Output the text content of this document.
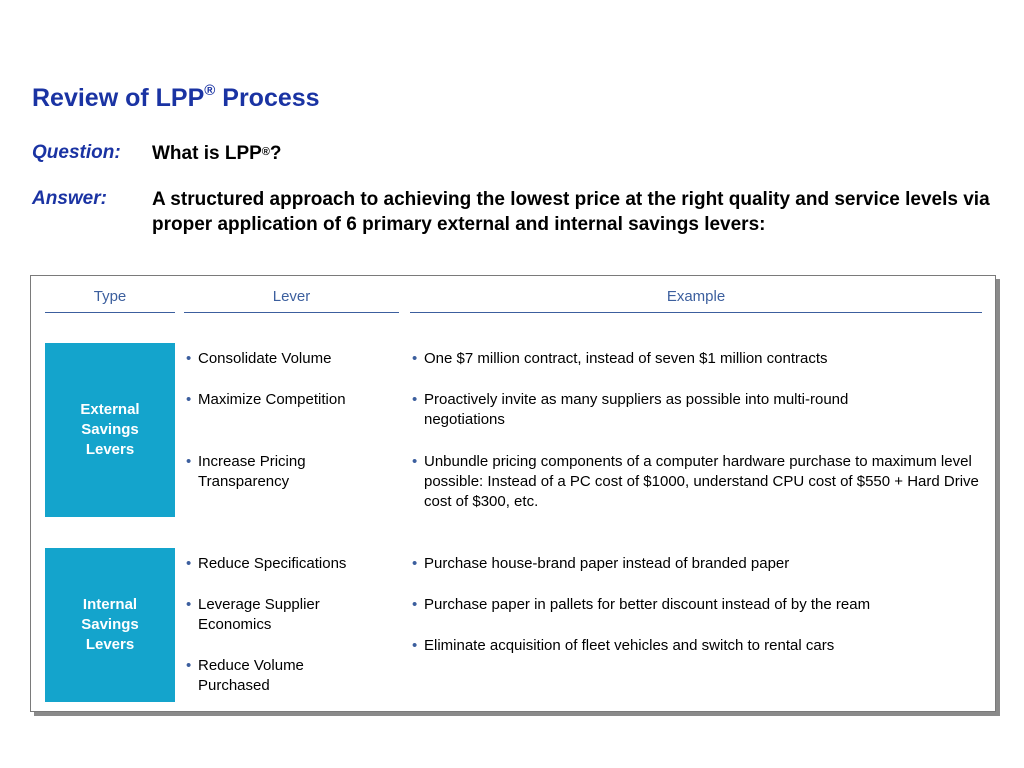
Review of LPP® Process
Question: What is LPP®?
Answer: A structured approach to achieving the lowest price at the right quality and service levels via proper application of 6 primary external and internal savings levers:
Type	Lever	Example
External Savings Levers
• Consolidate Volume
• Maximize Competition
• Increase Pricing Transparency
• One $7 million contract, instead of seven $1 million contracts
• Proactively invite as many suppliers as possible into multi-round negotiations
• Unbundle pricing components of a computer hardware purchase to maximum level possible: Instead of a PC cost of $1000, understand CPU cost of $550 + Hard Drive cost of $300, etc.
Internal Savings Levers
• Reduce Specifications
• Leverage Supplier Economics
• Reduce Volume Purchased
• Purchase house-brand paper instead of branded paper
• Purchase paper in pallets for better discount instead of by the ream
• Eliminate acquisition of fleet vehicles and switch to rental cars
